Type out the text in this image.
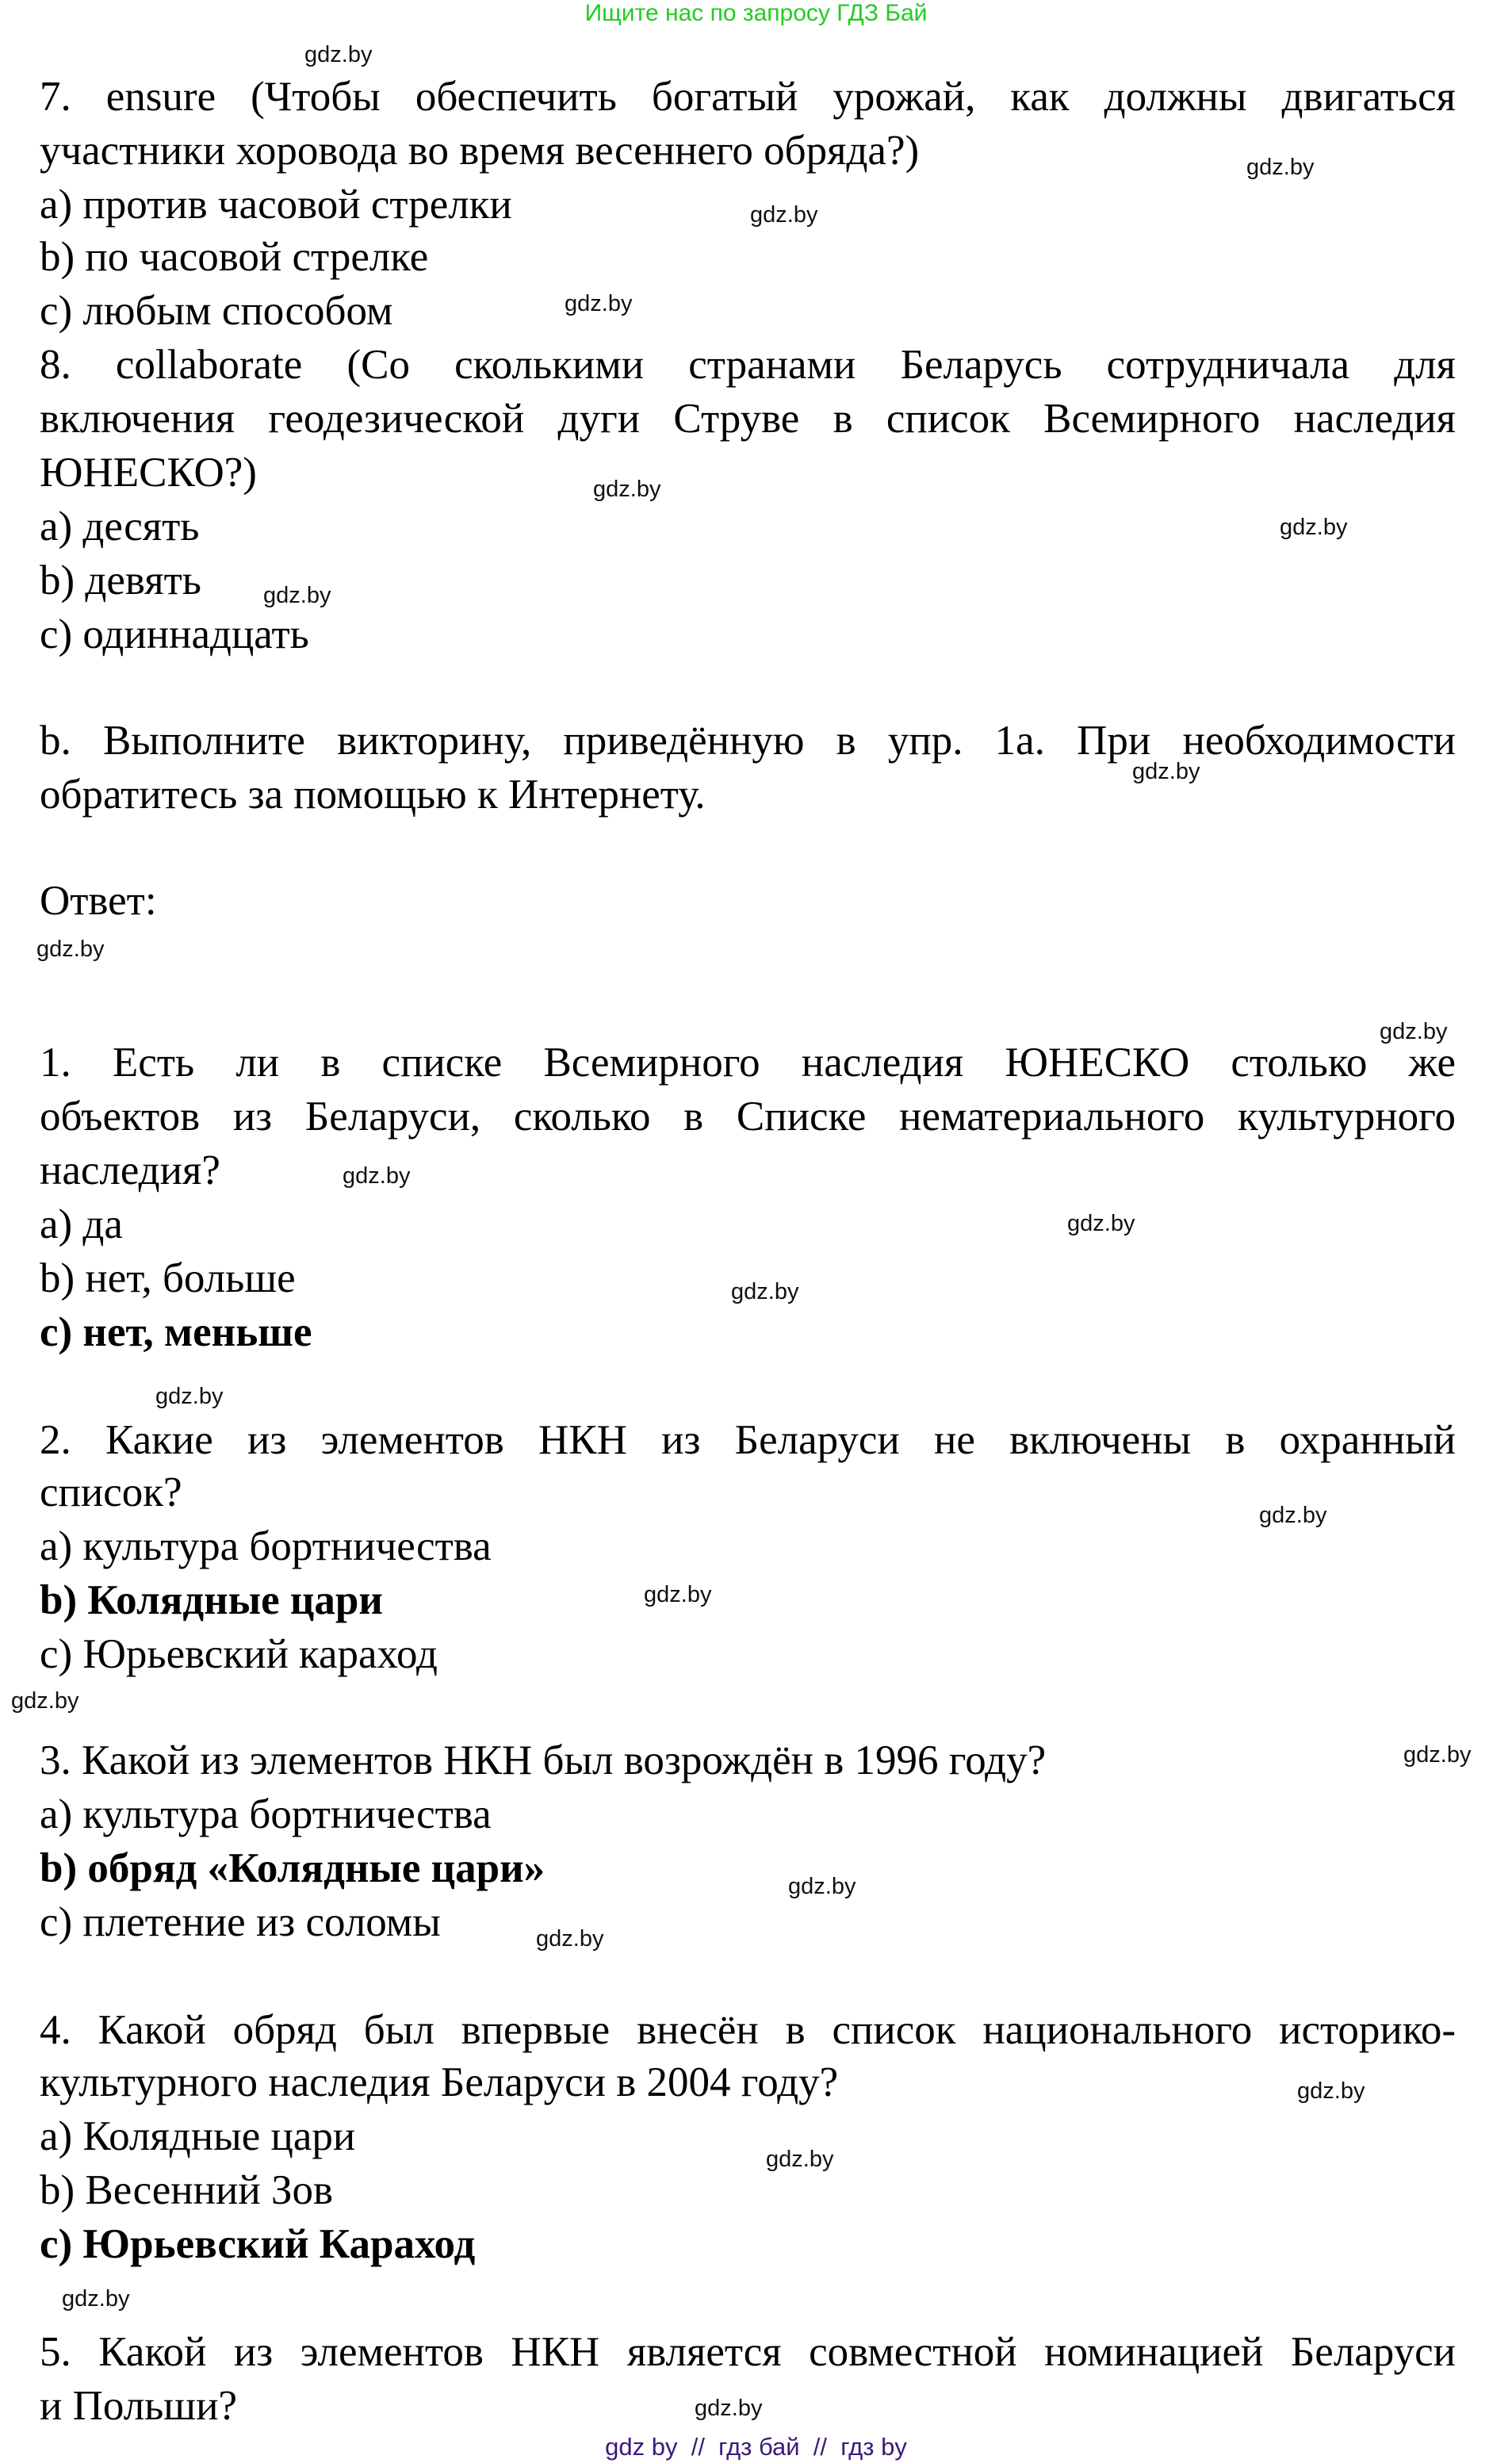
Ищите нас по запросу ГДЗ Бай
7. ensure (Чтобы обеспечить богатый урожай, как должны двигаться
участники хоровода во время весеннего обряда?)
a) против часовой стрелки
b) по часовой стрелке
c) любым способом
8. collaborate (Со сколькими странами Беларусь сотрудничала для
включения геодезической дуги Струве в список Всемирного наследия
ЮНЕСКО?)
a) десять
b) девять
c) одиннадцать
b. Выполните викторину, приведённую в упр. 1a. При необходимости
обратитесь за помощью к Интернету.
Ответ:
1. Есть ли в списке Всемирного наследия ЮНЕСКО столько же
объектов из Беларуси, сколько в Списке нематериального культурного
наследия?
a) да
b) нет, больше
c) нет, меньше
2. Какие из элементов НКН из Беларуси не включены в охранный
список?
a) культура бортничества
b) Колядные цари
c) Юрьевский караход
3. Какой из элементов НКН был возрождён в 1996 году?
a) культура бортничества
b) обряд «Колядные цари»
c) плетение из соломы
4. Какой обряд был впервые внесён в список национального историко-
культурного наследия Беларуси в 2004 году?
a) Колядные цари
b) Весенний Зов
c) Юрьевский Караход
5. Какой из элементов НКН является совместной номинацией Беларуси
и Польши?
gdz.by
gdz.by
gdz.by
gdz.by
gdz.by
gdz.by
gdz.by
gdz.by
gdz.by
gdz.by
gdz.by
gdz.by
gdz.by
gdz.by
gdz.by
gdz.by
gdz.by
gdz.by
gdz.by
gdz.by
gdz.by
gdz.by
gdz.by
gdz.by
gdz by  //  гдз бай  //  гдз by
